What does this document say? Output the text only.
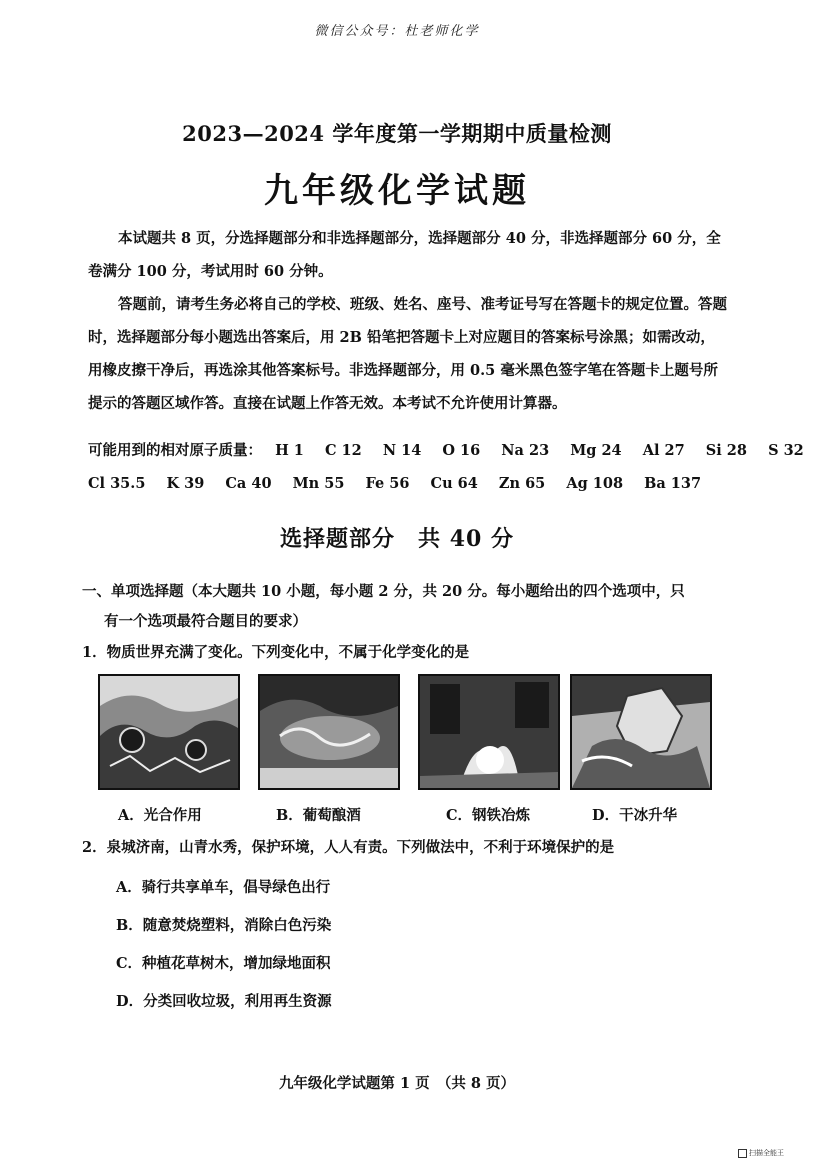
微信公众号：杜老师化学
2023—2024 学年度第一学期期中质量检测
九年级化学试题

本试题共 8 页，分选择题部分和非选择题部分，选择题部分 40 分，非选择题部分 60 分，全卷满分 100 分，考试用时 60 分钟。

答题前，请考生务必将自己的学校、班级、姓名、座号、准考证号写在答题卡的规定位置。答题时，选择题部分每小题选出答案后，用 2B 铅笔把答题卡上对应题目的答案标号涂黑；如需改动，用橡皮擦干净后，再选涂其他答案标号。非选择题部分，用 0.5 毫米黑色签字笔在答题卡上题号所提示的答题区域作答。直接在试题上作答无效。本考试不允许使用计算器。

可能用到的相对原子质量： H 1 C 12 N 14 O 16 Na 23 Mg 24 Al 27 Si 28 S 32
Cl 35.5 K 39 Ca 40 Mn 55 Fe 56 Cu 64 Zn 65 Ag 108 Ba 137
选择题部分　共 40 分
一、单项选择题（本大题共 10 小题，每小题 2 分，共 20 分。每小题给出的四个选项中，只
有一个选项最符合题目的要求）
1．物质世界充满了变化。下列变化中，不属于化学变化的是
A．光合作用	B．葡萄酿酒	C．钢铁冶炼	D．干冰升华
2．泉城济南，山青水秀，保护环境，人人有责。下列做法中，不利于环境保护的是
A．骑行共享单车，倡导绿色出行
B．随意焚烧塑料，消除白色污染
C．种植花草树木，增加绿地面积
D．分类回收垃圾，利用再生资源
九年级化学试题第 1 页　（共 8 页）
扫描全能王
